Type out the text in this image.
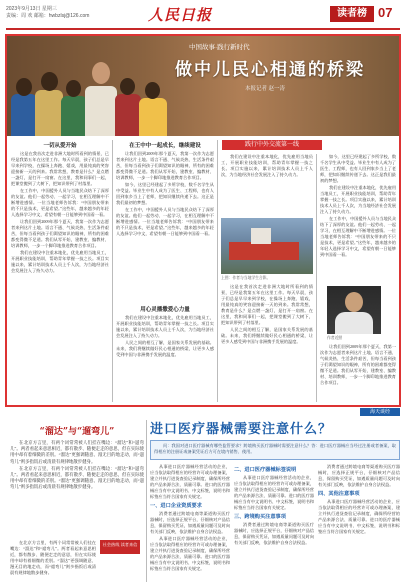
2023年9月13日 星期三
责编：周 欢 邮箱：hwbzlsj@126.com	人民日报	读者榜 07
中国故事·践行新时代
做中儿民心相通的桥梁
本报记者 赵一涛
践行中外交流第一线
一切从爱开始

这是在我首次走进非洲大地时所看到的情景，已经是我第五年在这里工作。每天早晨，孩子们总是早早来到学校，在操场上奔跑、嬉戏，用最纯真的笑容迎接新一天的到来。我常常想，教育是什么？是点燃一盏灯，是打开一扇窗。在这里，我和同事们一起，把课堂搬到了大树下，把知识带到了村落里。

在工作中，中国援外人员与当地民众结下了深厚的友谊。他们一起劳动、一起学习，在相互理解中不断增进感情。一位当地老师告诉我：“中国朋友带来的不只是技术，更是希望。”这些年，越来越多的年轻人选择学习中文，希望有朝一日能够到中国看一看。

让我们回到2009年那个夏天，我第一次作为志愿者来到这片土地。语言不通、气候炎热、生活条件艰苦，但每当看到孩子们渴望知识的眼神，所有的困难都变得微不足道。我们从零开始，建教室、编教材、培训教师，一步一个脚印地推进教育合作项目。

我们在建设中注重本地化，优先雇用当地员工，开展职业技能培训，帮助青年掌握一技之长。项目实施以来，累计培训技术人员上千人次，为当地经济社会发展注入了持久动力。

在王中中一起成长，继续建设

让我们回到2009年那个夏天，我第一次作为志愿者来到这片土地。语言不通、气候炎热、生活条件艰苦，但每当看到孩子们渴望知识的眼神，所有的困难都变得微不足道。我们从零开始，建教室、编教材、培训教师，一步一个脚印地推进教育合作项目。

如今，这里已经建起了多所学校，数千名学生从中受益。毕业生中有人成为了医生、工程师，也有人回到家乡当上了老师，把知识继续传递下去。这正是我们最初的梦想。

在工作中，中国援外人员与当地民众结下了深厚的友谊。他们一起劳动、一起学习，在相互理解中不断增进感情。一位当地老师告诉我：“中国朋友带来的不只是技术，更是希望。”这些年，越来越多的年轻人选择学习中文，希望有朝一日能够到中国看一看。

用心灵播撒爱心力量

我们在建设中注重本地化，优先雇用当地员工，开展职业技能培训，帮助青年掌握一技之长。项目实施以来，累计培训技术人员上千人次，为当地经济社会发展注入了持久动力。

人民之间的相互了解，是国家关系发展的基础。未来，我们将继续做好民心相通的桥梁，让更多人感受到中国与非洲携手发展的温度。

我们在建设中注重本地化，优先雇用当地员工，开展职业技能培训，帮助青年掌握一技之长。项目实施以来，累计培训技术人员上千人次，为当地经济社会发展注入了持久动力。

上图：作者与当地学生合影。

这是在我首次走进非洲大地时所看到的情景，已经是我第五年在这里工作。每天早晨，孩子们总是早早来到学校，在操场上奔跑、嬉戏，用最纯真的笑容迎接新一天的到来。我常常想，教育是什么？是点燃一盏灯，是打开一扇窗。在这里，我和同事们一起，把课堂搬到了大树下，把知识带到了村落里。

人民之间的相互了解，是国家关系发展的基础。未来，我们将继续做好民心相通的桥梁，让更多人感受到中国与非洲携手发展的温度。

如今，这里已经建起了多所学校，数千名学生从中受益。毕业生中有人成为了医生、工程师，也有人回到家乡当上了老师，把知识继续传递下去。这正是我们最初的梦想。

我们在建设中注重本地化，优先雇用当地员工，开展职业技能培训，帮助青年掌握一技之长。项目实施以来，累计培训技术人员上千人次，为当地经济社会发展注入了持久动力。

在工作中，中国援外人员与当地民众结下了深厚的友谊。他们一起劳动、一起学习，在相互理解中不断增进感情。一位当地老师告诉我：“中国朋友带来的不只是技术，更是希望。”这些年，越来越多的年轻人选择学习中文，希望有朝一日能够到中国看一看。

作者近照

让我们回到2009年那个夏天，我第一次作为志愿者来到这片土地。语言不通、气候炎热、生活条件艰苦，但每当看到孩子们渴望知识的眼神，所有的困难都变得微不足道。我们从零开始，建教室、编教材、培训教师，一步一个脚印地推进教育合作项目。

海天谈经
“溜达”与“遛弯儿”

在北京方言里，有两个词常常被人们挂在嘴边：“溜达”和“遛弯儿”。两者看起来意思相近，都有散步、随便走走的意思，但在实际使用中却有着细微的差别。“溜达”更强调随意、漫无目的地走动，而“遛弯儿”则多指饭后或清晨有规律地散步健身。

在北京方言里，有两个词常常被人们挂在嘴边：“溜达”和“遛弯儿”。两者看起来意思相近，都有散步、随便走走的意思，但在实际使用中却有着细微的差别。“溜达”更强调随意、漫无目的地走动，而“遛弯儿”则多指饭后或清晨有规律地散步健身。

社会热线 读者来信

在北京方言里，有两个词常常被人们挂在嘴边：“溜达”和“遛弯儿”。两者看起来意思相近，都有散步、随便走走的意思，但在实际使用中却有着细微的差别。“溜达”更强调随意、漫无目的地走动，而“遛弯儿”则多指饭后或清晨有规律地散步健身。

进口医疗器械需要注意什么？

问：我国对进口医疗器械有哪些监管要求？跨境购买医疗器械时需要注意什么？答：进口医疗器械应当经过注册或者备案，取得相应的注册证或备案凭证后方可在境内销售、使用。

从事进口医疗器械经营活动的企业，应当依法取得相应的经营许可或办理备案，建立并执行进货查验记录制度，确保所经营的产品来源合法、质量可靠。进口的医疗器械应当有中文说明书、中文标签，说明书和标签应当符合国家有关规定。

一、进口企业资质要求

消费者通过跨境电商等渠道购买医疗器械时，应选择正规平台，仔细核对产品信息，保留购买凭证，如遇质量问题可及时向有关部门反映，依法维护自身合法权益。

从事进口医疗器械经营活动的企业，应当依法取得相应的经营许可或办理备案，建立并执行进货查验记录制度，确保所经营的产品来源合法、质量可靠。进口的医疗器械应当有中文说明书、中文标签，说明书和标签应当符合国家有关规定。

二、进口医疗器械标签说明

从事进口医疗器械经营活动的企业，应当依法取得相应的经营许可或办理备案，建立并执行进货查验记录制度，确保所经营的产品来源合法、质量可靠。进口的医疗器械应当有中文说明书、中文标签，说明书和标签应当符合国家有关规定。

三、跨境购买注意事项

消费者通过跨境电商等渠道购买医疗器械时，应选择正规平台，仔细核对产品信息，保留购买凭证，如遇质量问题可及时向有关部门反映，依法维护自身合法权益。

消费者通过跨境电商等渠道购买医疗器械时，应选择正规平台，仔细核对产品信息，保留购买凭证，如遇质量问题可及时向有关部门反映，依法维护自身合法权益。

四、其他注意事项

从事进口医疗器械经营活动的企业，应当依法取得相应的经营许可或办理备案，建立并执行进货查验记录制度，确保所经营的产品来源合法、质量可靠。进口的医疗器械应当有中文说明书、中文标签，说明书和标签应当符合国家有关规定。
